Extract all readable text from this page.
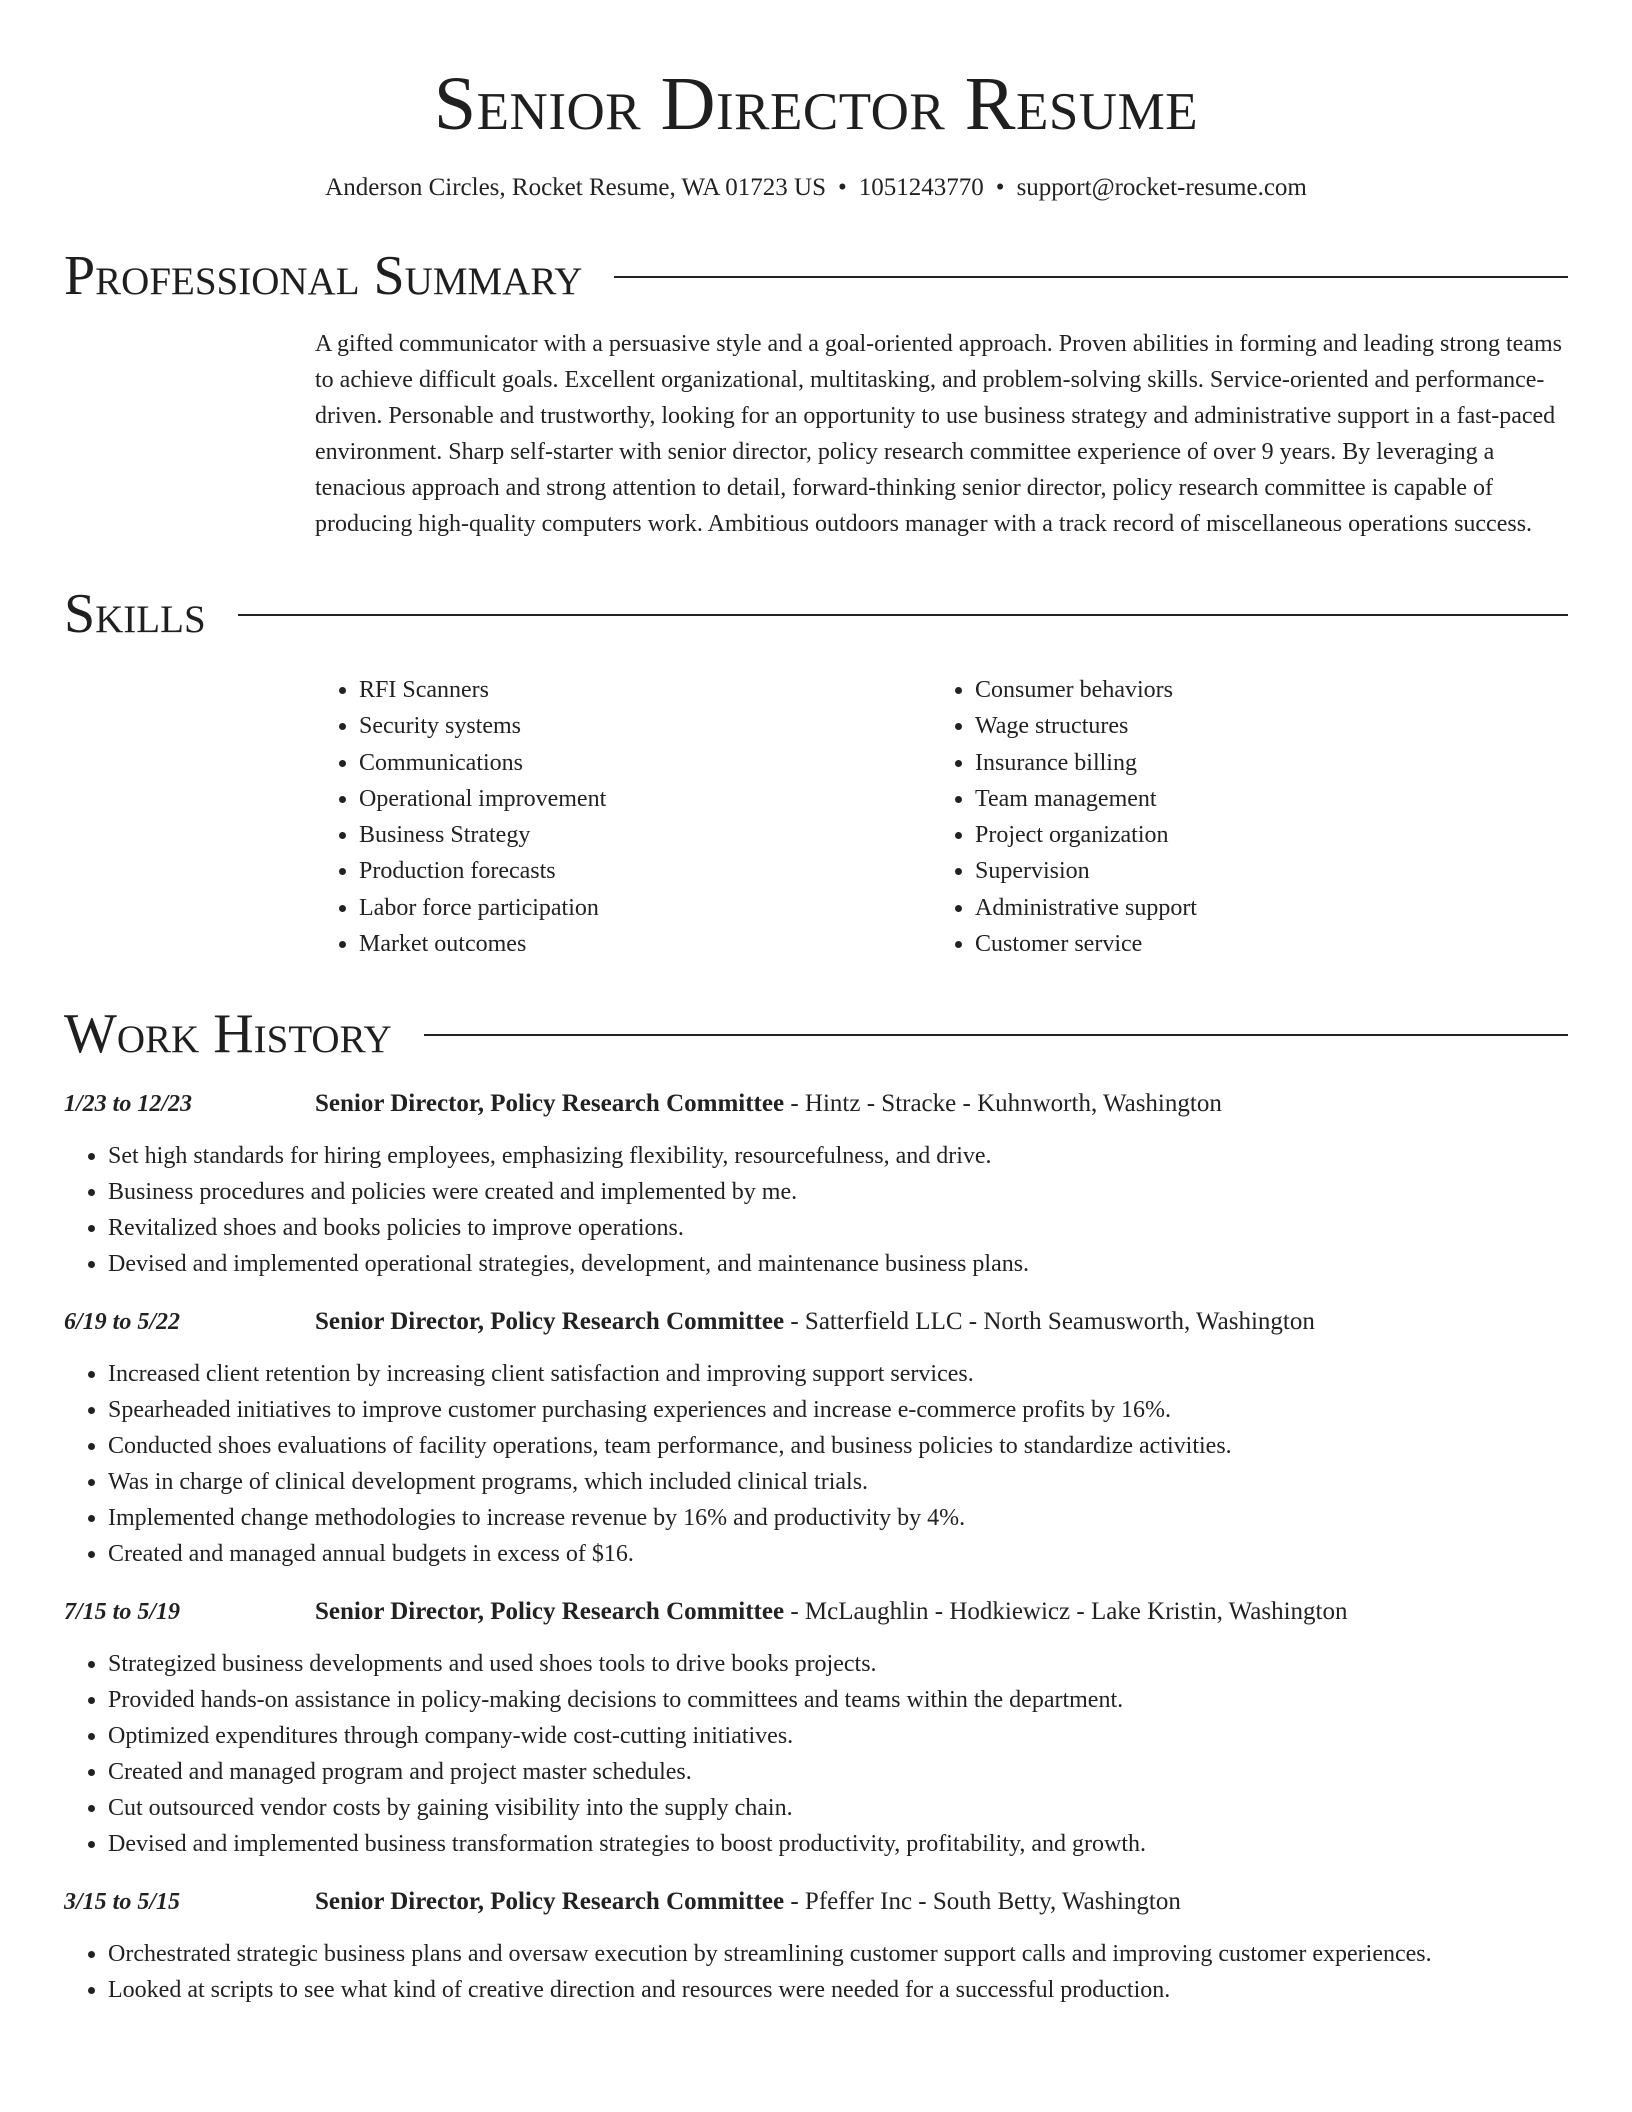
Senior Director Resume
Anderson Circles, Rocket Resume, WA 01723 US • 1051243770 • support@rocket-resume.com
Professional Summary
A gifted communicator with a persuasive style and a goal-oriented approach. Proven abilities in forming and leading strong teams to achieve difficult goals. Excellent organizational, multitasking, and problem-solving skills. Service-oriented and performance-driven. Personable and trustworthy, looking for an opportunity to use business strategy and administrative support in a fast-paced environment. Sharp self-starter with senior director, policy research committee experience of over 9 years. By leveraging a tenacious approach and strong attention to detail, forward-thinking senior director, policy research committee is capable of producing high-quality computers work. Ambitious outdoors manager with a track record of miscellaneous operations success.
Skills
• RFI Scanners
• Security systems
• Communications
• Operational improvement
• Business Strategy
• Production forecasts
• Labor force participation
• Market outcomes
• Consumer behaviors
• Wage structures
• Insurance billing
• Team management
• Project organization
• Supervision
• Administrative support
• Customer service
Work History
1/23 to 12/23	Senior Director, Policy Research Committee - Hintz - Stracke - Kuhnworth, Washington
• Set high standards for hiring employees, emphasizing flexibility, resourcefulness, and drive.
• Business procedures and policies were created and implemented by me.
• Revitalized shoes and books policies to improve operations.
• Devised and implemented operational strategies, development, and maintenance business plans.
6/19 to 5/22	Senior Director, Policy Research Committee - Satterfield LLC - North Seamusworth, Washington
• Increased client retention by increasing client satisfaction and improving support services.
• Spearheaded initiatives to improve customer purchasing experiences and increase e-commerce profits by 16%.
• Conducted shoes evaluations of facility operations, team performance, and business policies to standardize activities.
• Was in charge of clinical development programs, which included clinical trials.
• Implemented change methodologies to increase revenue by 16% and productivity by 4%.
• Created and managed annual budgets in excess of $16.
7/15 to 5/19	Senior Director, Policy Research Committee - McLaughlin - Hodkiewicz - Lake Kristin, Washington
• Strategized business developments and used shoes tools to drive books projects.
• Provided hands-on assistance in policy-making decisions to committees and teams within the department.
• Optimized expenditures through company-wide cost-cutting initiatives.
• Created and managed program and project master schedules.
• Cut outsourced vendor costs by gaining visibility into the supply chain.
• Devised and implemented business transformation strategies to boost productivity, profitability, and growth.
3/15 to 5/15	Senior Director, Policy Research Committee - Pfeffer Inc - South Betty, Washington
• Orchestrated strategic business plans and oversaw execution by streamlining customer support calls and improving customer experiences.
• Looked at scripts to see what kind of creative direction and resources were needed for a successful production.
